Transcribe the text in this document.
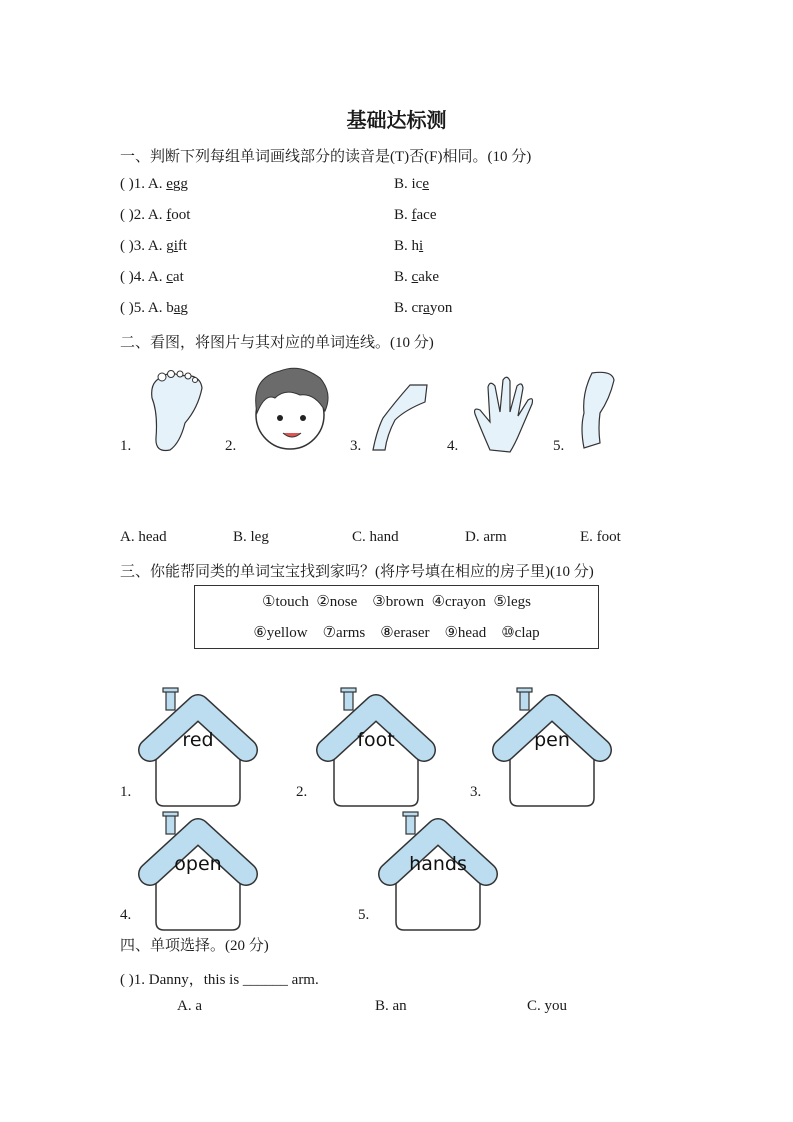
基础达标测
一、判断下列每组单词画线部分的读音是(T)否(F)相同。(10 分)
( )1. A. egg	B. ice
( )2. A. foot	B. face
( )3. A. gift	B. hi
( )4. A. cat	B. cake
( )5. A. bag	B. crayon
二、看图，将图片与其对应的单词连线。(10 分)
1.	2.	3.	4.	5.
A. head	B. leg	C. hand	D. arm	E. foot
三、你能帮同类的单词宝宝找到家吗？(将序号填在相应的房子里)(10 分)
①touch ②nose ③brown ④crayon ⑤legs
⑥yellow ⑦arms ⑧eraser ⑨head ⑩clap
1.
red
2.
foot
3.
pen
4.
open
5.
hands
四、单项选择。(20 分)
( )1. Danny，this is ______ arm.
A. a	B. an	C. you
